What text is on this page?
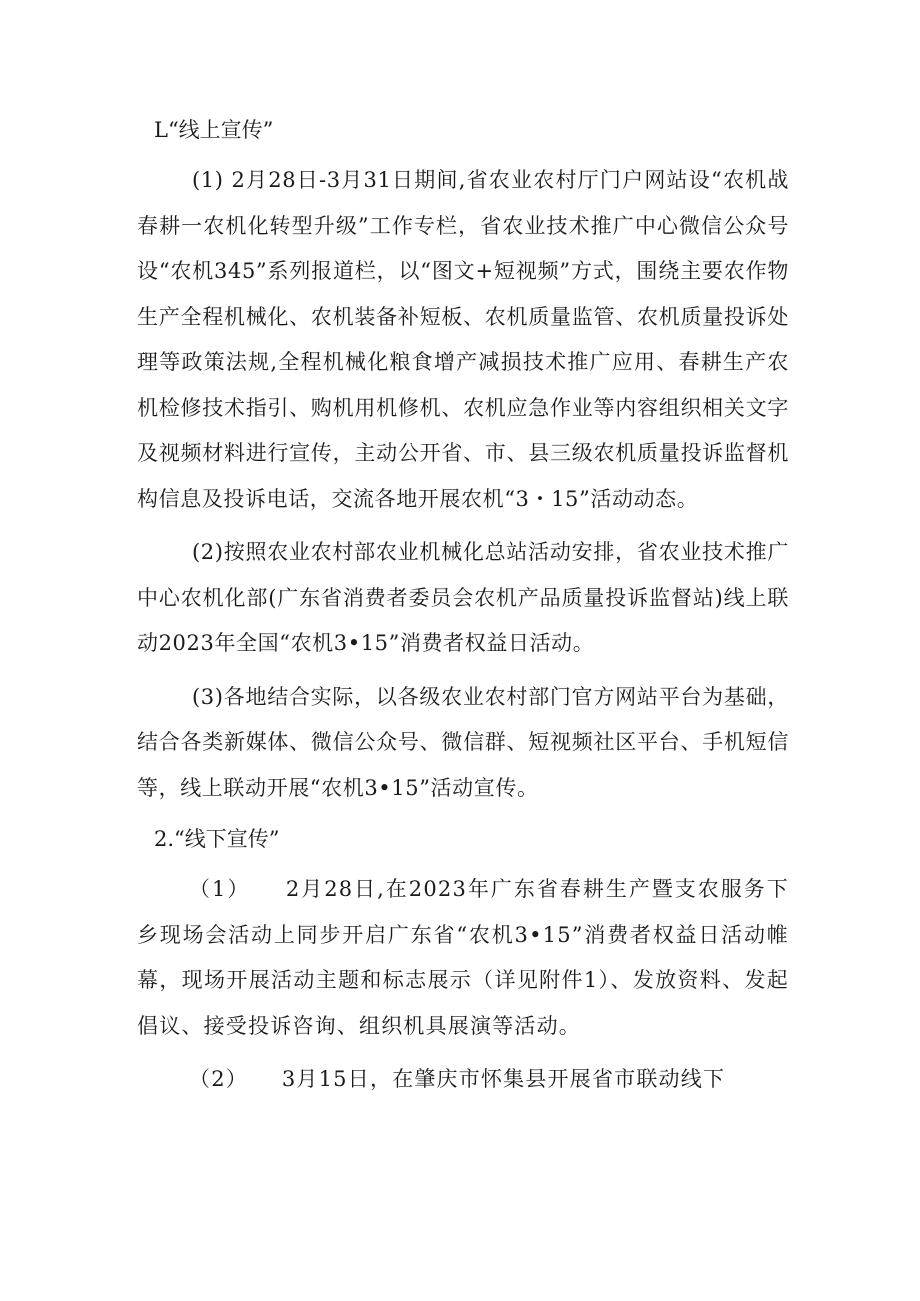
L“线上宣传”

(1) 2月28日-3月31日期间,省农业农村厅门户网站设“农机战春耕一农机化转型升级”工作专栏，省农业技术推广中心微信公众号设“农机345”系列报道栏，以“图文+短视频”方式，围绕主要农作物生产全程机械化、农机装备补短板、农机质量监管、农机质量投诉处理等政策法规,全程机械化粮食增产减损技术推广应用、春耕生产农机检修技术指引、购机用机修机、农机应急作业等内容组织相关文字及视频材料进行宣传，主动公开省、市、县三级农机质量投诉监督机构信息及投诉电话，交流各地开展农机“3・15”活动动态。

(2)按照农业农村部农业机械化总站活动安排，省农业技术推广中心农机化部(广东省消费者委员会农机产品质量投诉监督站)线上联动2023年全国“农机3•15”消费者权益日活动。

(3)各地结合实际，以各级农业农村部门官方网站平台为基础，结合各类新媒体、微信公众号、微信群、短视频社区平台、手机短信等，线上联动开展“农机3•15”活动宣传。

2.“线下宣传”

（1）　　2月28日,在2023年广东省春耕生产暨支农服务下乡现场会活动上同步开启广东省“农机3•15”消费者权益日活动帷幕，现场开展活动主题和标志展示（详见附件1）、发放资料、发起倡议、接受投诉咨询、组织机具展演等活动。

（2）　　3月15日，在肇庆市怀集县开展省市联动线下
